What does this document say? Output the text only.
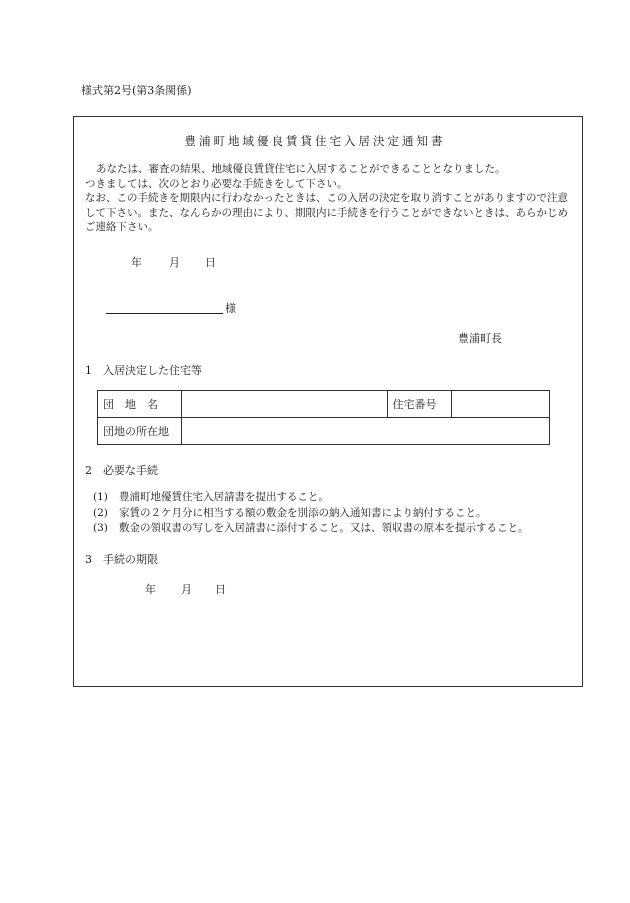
様式第2号(第3条関係)
豊浦町地域優良賃貸住宅入居決定通知書
あなたは、審査の結果、地域優良賃貸住宅に入居することができることとなりました。
つきましては、次のとおり必要な手続きをして下さい。
なお、この手続きを期限内に行わなかったときは、この入居の決定を取り消すことがありますので注意して下さい。また、なんらかの理由により、期限内に手続きを行うことができないときは、あらかじめご連絡下さい。
年 月 日
様
豊浦町長
1　入居決定した住宅等
団　地　名		住宅番号	
団地の所在地			
2　必要な手続
(1) 豊浦町地優賃住宅入居請書を提出すること。
(2) 家賃の２ケ月分に相当する額の敷金を別添の納入通知書により納付すること。
(3) 敷金の領収書の写しを入居請書に添付すること。又は、領収書の原本を提示すること。
3　手続の期限
年 月 日
